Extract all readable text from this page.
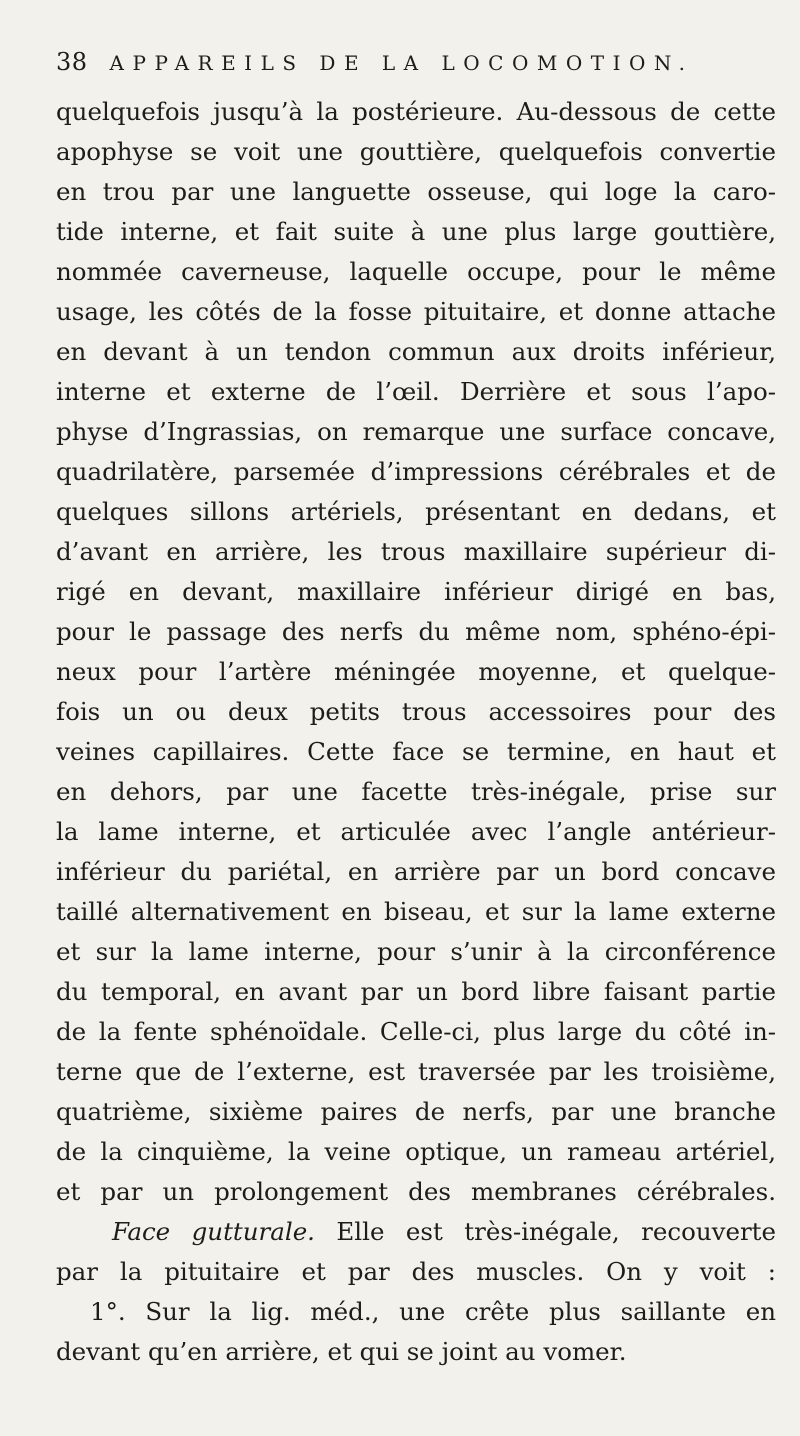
38 APPAREILS DE LA LOCOMOTION.
quelquefois jusqu’à la postérieure. Au-dessous de cette
apophyse se voit une gouttière, quelquefois convertie
en trou par une languette osseuse, qui loge la caro-
tide interne, et fait suite à une plus large gouttière,
nommée caverneuse, laquelle occupe, pour le même
usage, les côtés de la fosse pituitaire, et donne attache
en devant à un tendon commun aux droits inférieur,
interne et externe de l’œil. Derrière et sous l’apo-
physe d’Ingrassias, on remarque une surface concave,
quadrilatère, parsemée d’impressions cérébrales et de
quelques sillons artériels, présentant en dedans, et
d’avant en arrière, les trous maxillaire supérieur di-
rigé en devant, maxillaire inférieur dirigé en bas,
pour le passage des nerfs du même nom, sphéno-épi-
neux pour l’artère méningée moyenne, et quelque-
fois un ou deux petits trous accessoires pour des
veines capillaires. Cette face se termine, en haut et
en dehors, par une facette très-inégale, prise sur
la lame interne, et articulée avec l’angle antérieur-
inférieur du pariétal, en arrière par un bord concave
taillé alternativement en biseau, et sur la lame externe
et sur la lame interne, pour s’unir à la circonférence
du temporal, en avant par un bord libre faisant partie
de la fente sphénoïdale. Celle-ci, plus large du côté in-
terne que de l’externe, est traversée par les troisième,
quatrième, sixième paires de nerfs, par une branche
de la cinquième, la veine optique, un rameau artériel,
et par un prolongement des membranes cérébrales.
Face gutturale. Elle est très-inégale, recouverte
par la pituitaire et par des muscles. On y voit :
1°. Sur la lig. méd., une crête plus saillante en
devant qu’en arrière, et qui se joint au vomer.
